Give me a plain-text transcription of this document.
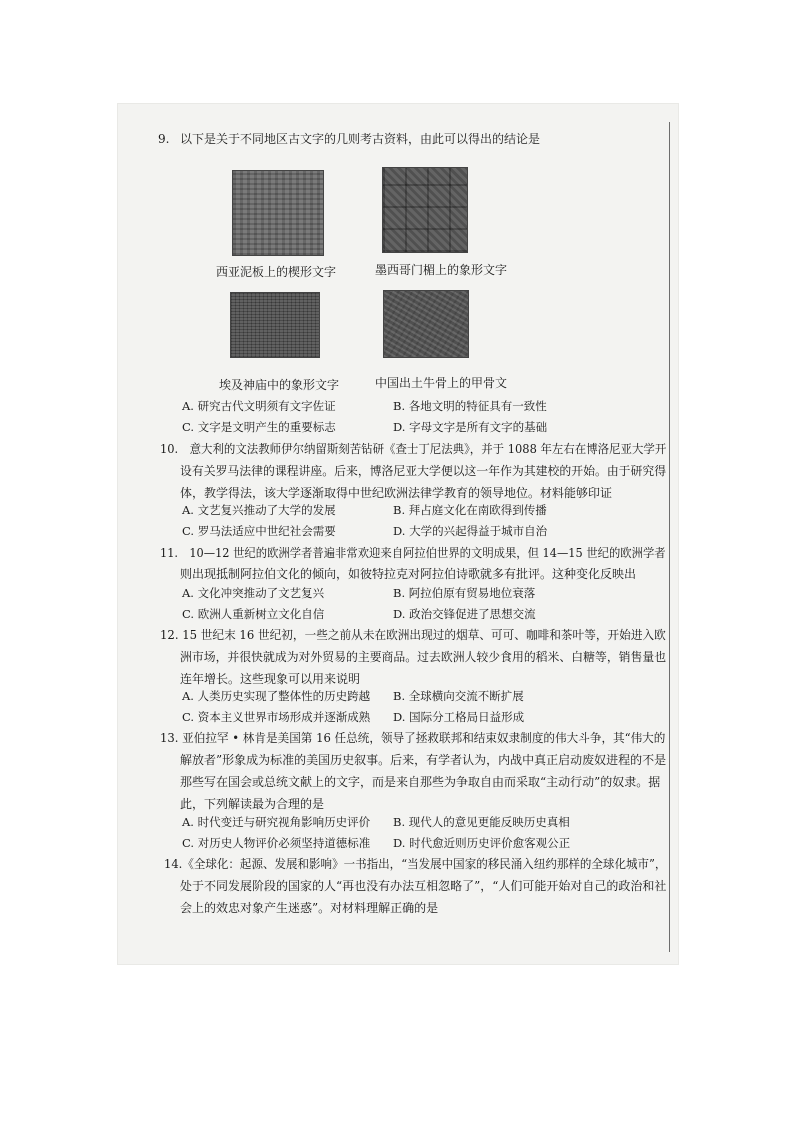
9. 以下是关于不同地区古文字的几则考古资料，由此可以得出的结论是
西亚泥板上的楔形文字	墨西哥门楣上的象形文字
埃及神庙中的象形文字	中国出土牛骨上的甲骨文
A. 研究古代文明须有文字佐证	B. 各地文明的特征具有一致性
C. 文字是文明产生的重要标志	D. 字母文字是所有文字的基础
10.　意大利的文法教师伊尔纳留斯刻苦钻研《查士丁尼法典》，并于 1088 年左右在博洛尼亚大学开
设有关罗马法律的课程讲座。后来，博洛尼亚大学便以这一年作为其建校的开始。由于研究得
体，教学得法，该大学逐渐取得中世纪欧洲法律学教育的领导地位。材料能够印证
A. 文艺复兴推动了大学的发展	B. 拜占庭文化在南欧得到传播
C. 罗马法适应中世纪社会需要	D. 大学的兴起得益于城市自治
11.　10—12 世纪的欧洲学者普遍非常欢迎来自阿拉伯世界的文明成果，但 14—15 世纪的欧洲学者
则出现抵制阿拉伯文化的倾向，如彼特拉克对阿拉伯诗歌就多有批评。这种变化反映出
A. 文化冲突推动了文艺复兴	B. 阿拉伯原有贸易地位衰落
C. 欧洲人重新树立文化自信	D. 政治交锋促进了思想交流
12. 15 世纪末 16 世纪初，一些之前从未在欧洲出现过的烟草、可可、咖啡和茶叶等，开始进入欧
洲市场，并很快就成为对外贸易的主要商品。过去欧洲人较少食用的稻米、白糖等，销售量也
连年增长。这些现象可以用来说明
A. 人类历史实现了整体性的历史跨越 B. 全球横向交流不断扩展
C. 资本主义世界市场形成并逐渐成熟 D. 国际分工格局日益形成
13. 亚伯拉罕 • 林肯是美国第 16 任总统，领导了拯救联邦和结束奴隶制度的伟大斗争，其“伟大的
解放者”形象成为标准的美国历史叙事。后来，有学者认为，内战中真正启动废奴进程的不是
那些写在国会或总统文献上的文字，而是来自那些为争取自由而采取“主动行动”的奴隶。据
此，下列解读最为合理的是
A. 时代变迁与研究视角影响历史评价 B. 现代人的意见更能反映历史真相
C. 对历史人物评价必须坚持道德标准 D. 时代愈近则历史评价愈客观公正
14.《全球化：起源、发展和影响》一书指出，“当发展中国家的移民涌入纽约那样的全球化城市”，
处于不同发展阶段的国家的人“再也没有办法互相忽略了”，“人们可能开始对自己的政治和社
会上的效忠对象产生迷惑”。对材料理解正确的是
